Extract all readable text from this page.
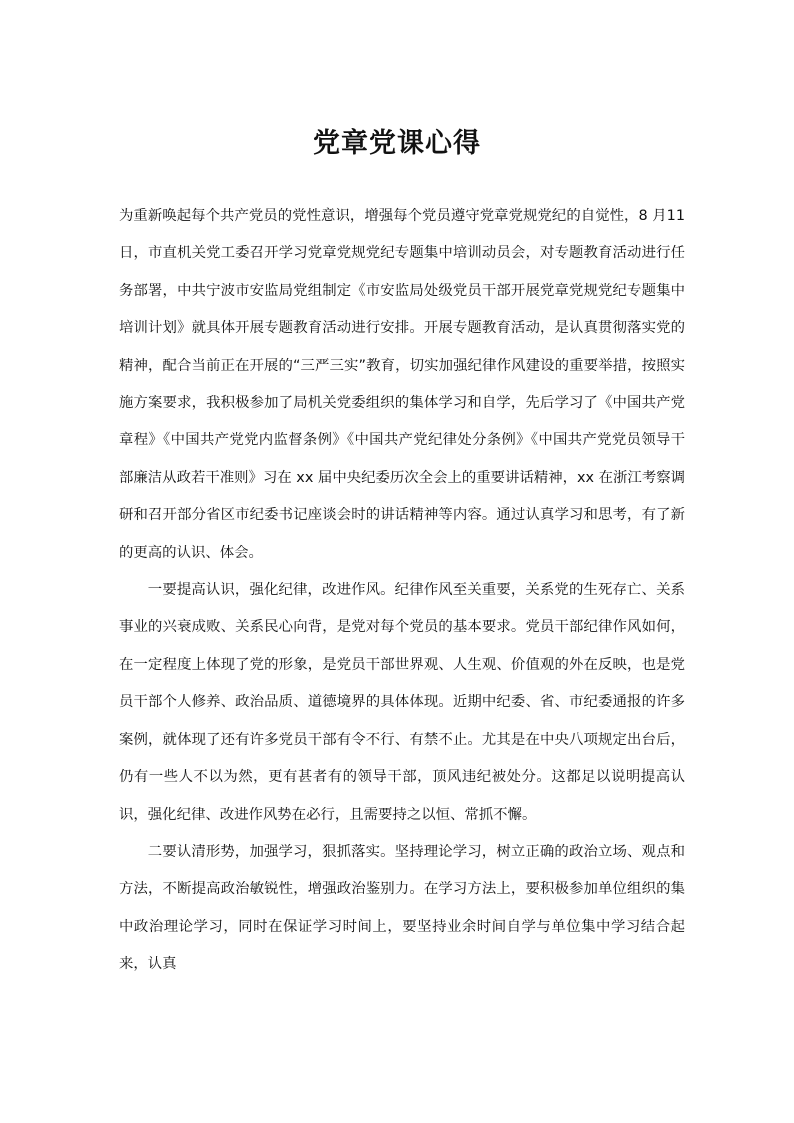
党章党课心得

为重新唤起每个共产党员的党性意识，增强每个党员遵守党章党规党纪的自觉性，8 月11日，市直机关党工委召开学习党章党规党纪专题集中培训动员会，对专题教育活动进行任务部署，中共宁波市安监局党组制定《市安监局处级党员干部开展党章党规党纪专题集中培训计划》就具体开展专题教育活动进行安排。开展专题教育活动，是认真贯彻落实党的精神，配合当前正在开展的“三严三实”教育，切实加强纪律作风建设的重要举措，按照实施方案要求，我积极参加了局机关党委组织的集体学习和自学，先后学习了《中国共产党章程》《中国共产党党内监督条例》《中国共产党纪律处分条例》《中国共产党党员领导干部廉洁从政若干准则》习在 xx 届中央纪委历次全会上的重要讲话精神，xx 在浙江考察调研和召开部分省区市纪委书记座谈会时的讲话精神等内容。通过认真学习和思考，有了新的更高的认识、体会。

一要提高认识，强化纪律，改进作风。纪律作风至关重要，关系党的生死存亡、关系事业的兴衰成败、关系民心向背，是党对每个党员的基本要求。党员干部纪律作风如何，在一定程度上体现了党的形象，是党员干部世界观、人生观、价值观的外在反映，也是党员干部个人修养、政治品质、道德境界的具体体现。近期中纪委、省、市纪委通报的许多案例，就体现了还有许多党员干部有令不行、有禁不止。尤其是在中央八项规定出台后，仍有一些人不以为然，更有甚者有的领导干部，顶风违纪被处分。这都足以说明提高认识，强化纪律、改进作风势在必行，且需要持之以恒、常抓不懈。

二要认清形势，加强学习，狠抓落实。坚持理论学习，树立正确的政治立场、观点和方法，不断提高政治敏锐性，增强政治鉴别力。在学习方法上，要积极参加单位组织的集中政治理论学习，同时在保证学习时间上，要坚持业余时间自学与单位集中学习结合起来，认真
